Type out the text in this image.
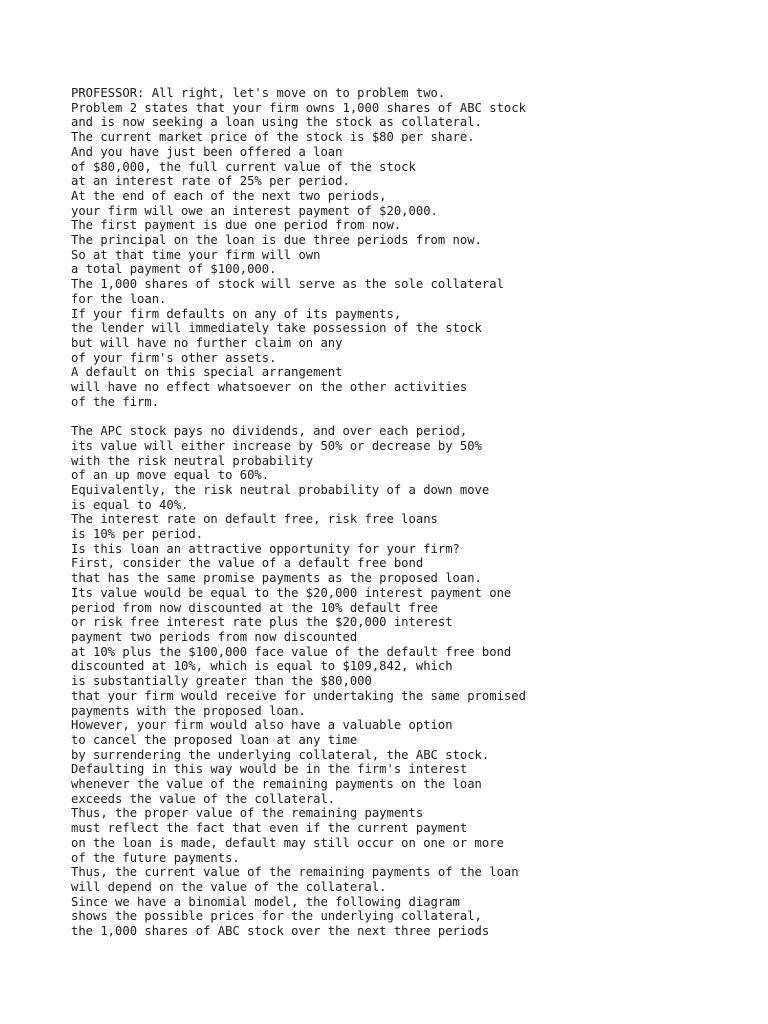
PROFESSOR: All right, let's move on to problem two.
Problem 2 states that your firm owns 1,000 shares of ABC stock
and is now seeking a loan using the stock as collateral.
The current market price of the stock is $80 per share.
And you have just been offered a loan
of $80,000, the full current value of the stock
at an interest rate of 25% per period.
At the end of each of the next two periods,
your firm will owe an interest payment of $20,000.
The first payment is due one period from now.
The principal on the loan is due three periods from now.
So at that time your firm will own
a total payment of $100,000.
The 1,000 shares of stock will serve as the sole collateral
for the loan.
If your firm defaults on any of its payments,
the lender will immediately take possession of the stock
but will have no further claim on any
of your firm's other assets.
A default on this special arrangement
will have no effect whatsoever on the other activities
of the firm.
The APC stock pays no dividends, and over each period,
its value will either increase by 50% or decrease by 50%
with the risk neutral probability
of an up move equal to 60%.
Equivalently, the risk neutral probability of a down move
is equal to 40%.
The interest rate on default free, risk free loans
is 10% per period.
Is this loan an attractive opportunity for your firm?
First, consider the value of a default free bond
that has the same promise payments as the proposed loan.
Its value would be equal to the $20,000 interest payment one
period from now discounted at the 10% default free
or risk free interest rate plus the $20,000 interest
payment two periods from now discounted
at 10% plus the $100,000 face value of the default free bond
discounted at 10%, which is equal to $109,842, which
is substantially greater than the $80,000
that your firm would receive for undertaking the same promised
payments with the proposed loan.
However, your firm would also have a valuable option
to cancel the proposed loan at any time
by surrendering the underlying collateral, the ABC stock.
Defaulting in this way would be in the firm's interest
whenever the value of the remaining payments on the loan
exceeds the value of the collateral.
Thus, the proper value of the remaining payments
must reflect the fact that even if the current payment
on the loan is made, default may still occur on one or more
of the future payments.
Thus, the current value of the remaining payments of the loan
will depend on the value of the collateral.
Since we have a binomial model, the following diagram
shows the possible prices for the underlying collateral,
the 1,000 shares of ABC stock over the next three periods
